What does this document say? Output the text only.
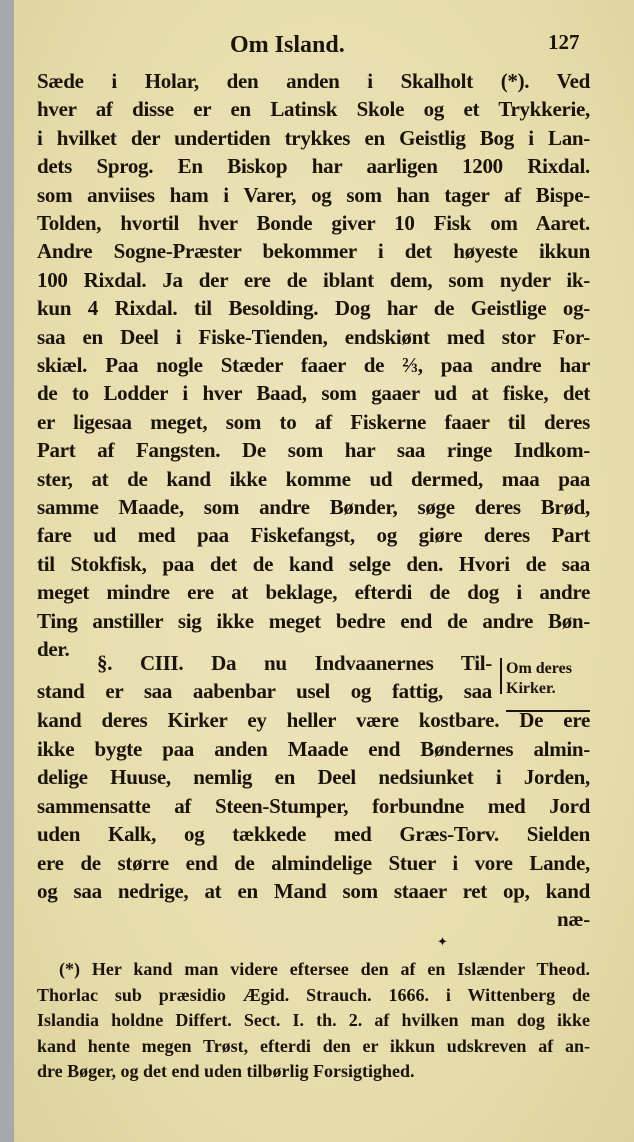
Om Island.	127
Sæde i Holar, den anden i Skalholt (*). Ved
hver af disse er en Latinsk Skole og et Trykkerie,
i hvilket der undertiden trykkes en Geistlig Bog i Lan-
dets Sprog. En Biskop har aarligen 1200 Rixdal.
som anviises ham i Varer, og som han tager af Bispe-
Tolden, hvortil hver Bonde giver 10 Fisk om Aaret.
Andre Sogne-Præster bekommer i det høyeste ikkun
100 Rixdal. Ja der ere de iblant dem, som nyder ik-
kun 4 Rixdal. til Besolding. Dog har de Geistlige og-
saa en Deel i Fiske-Tienden, endskiønt med stor For-
skiæl. Paa nogle Stæder faaer de ⅔, paa andre har
de to Lodder i hver Baad, som gaaer ud at fiske, det
er ligesaa meget, som to af Fiskerne faaer til deres
Part af Fangsten. De som har saa ringe Indkom-
ster, at de kand ikke komme ud dermed, maa paa
samme Maade, som andre Bønder, søge deres Brød,
fare ud med paa Fiskefangst, og giøre deres Part
til Stokfisk, paa det de kand selge den. Hvori de saa
meget mindre ere at beklage, efterdi de dog i andre
Ting anstiller sig ikke meget bedre end de andre Bøn-
der.
§. CIII. Da nu Indvaanernes Til-
stand er saa aabenbar usel og fattig, saa
Om deres
Kirker.
kand deres Kirker ey heller være kostbare. De ere
ikke bygte paa anden Maade end Bøndernes almin-
delige Huuse, nemlig en Deel nedsiunket i Jorden,
sammensatte af Steen-Stumper, forbundne med Jord
uden Kalk, og tækkede med Græs-Torv. Sielden
ere de større end de almindelige Stuer i vore Lande,
og saa nedrige, at en Mand som staaer ret op, kand
næ-
✦
(*) Her kand man videre eftersee den af en Islænder Theod.
Thorlac sub præsidio Ægid. Strauch. 1666. i Wittenberg de
Islandia holdne Differt. Sect. I. th. 2. af hvilken man dog ikke
kand hente megen Trøst, efterdi den er ikkun udskreven af an-
dre Bøger, og det end uden tilbørlig Forsigtighed.
